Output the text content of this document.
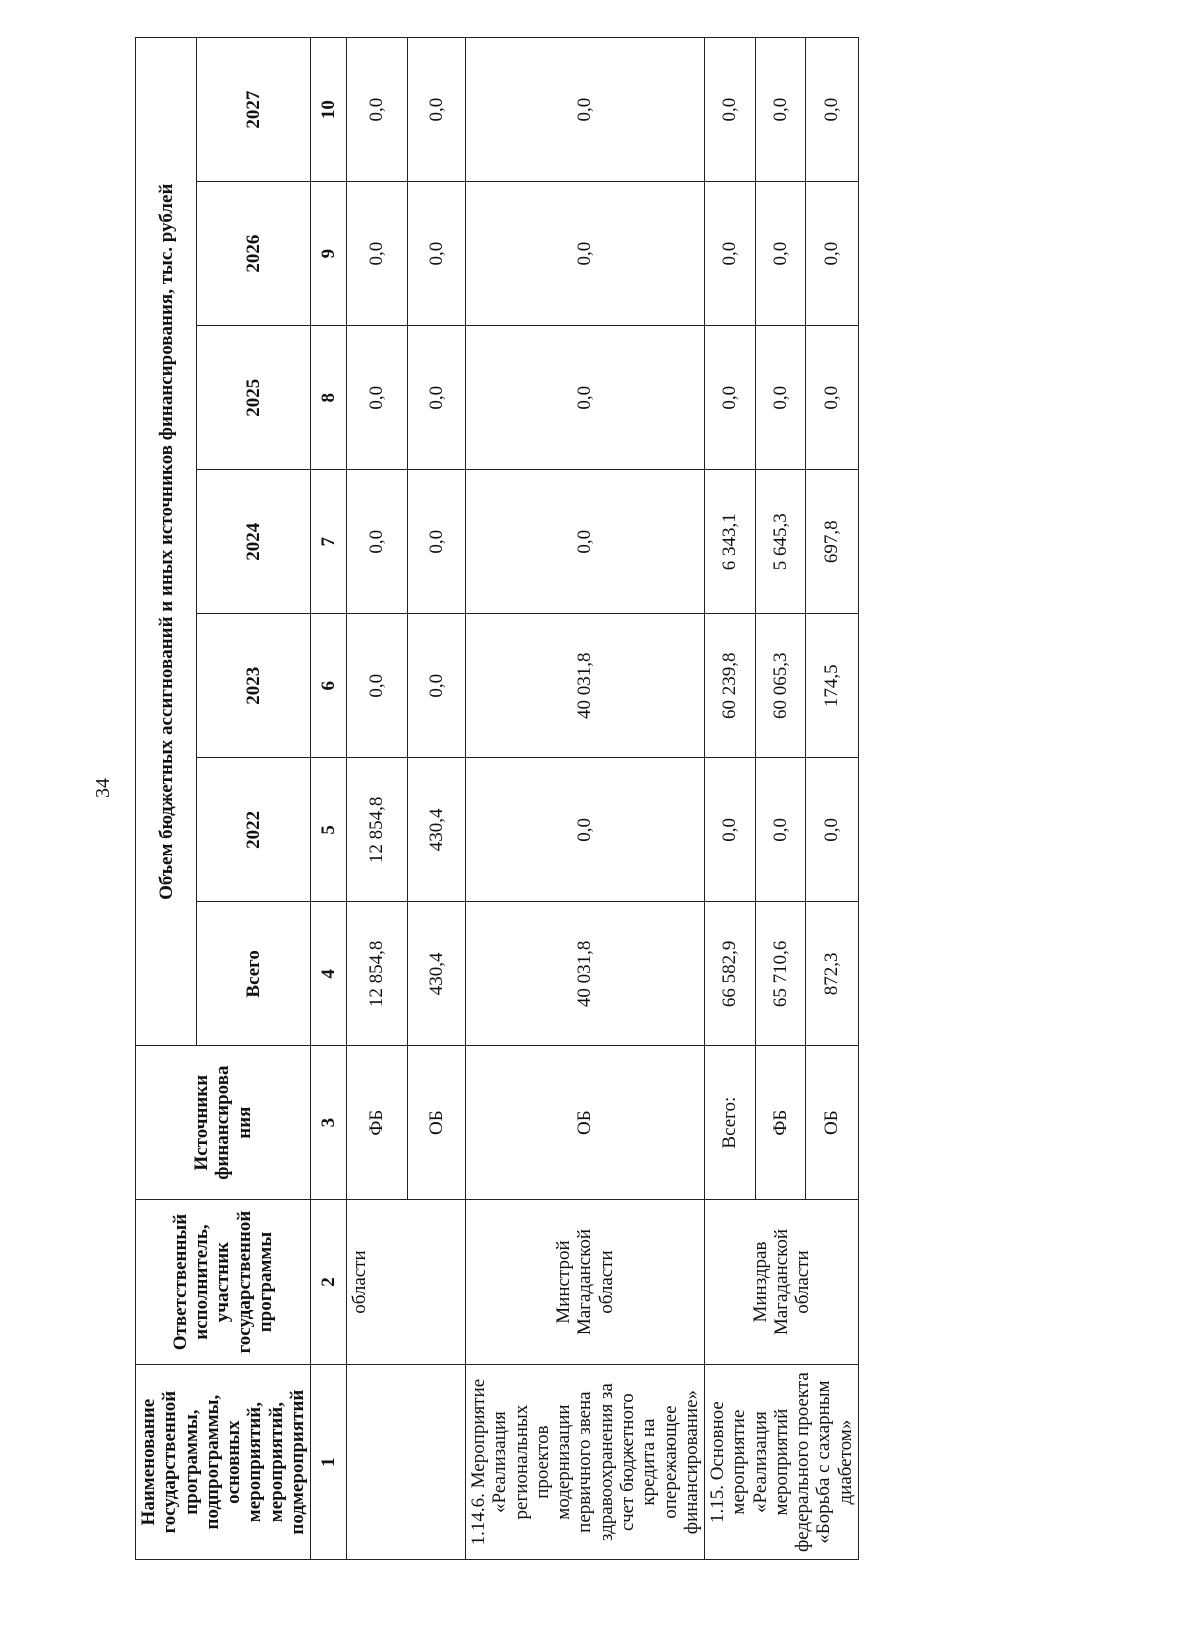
34
Наименование государственной программы, подпрограммы, основных мероприятий, мероприятий, подмероприятий	Ответственный исполнитель, участник государственной программы	Источники финансирова ния	Объем бюджетных ассигнований и иных источников финансирования, тыс. рублей						
			Всего	2022	2023	2024	2025	2026	2027
1	2	3	4	5	6	7	8	9	10
	области	ФБ	12 854,8	12 854,8	0,0	0,0	0,0	0,0	0,0
		ОБ	430,4	430,4	0,0	0,0	0,0	0,0	0,0
1.14.6. Мероприятие «Реализация региональных проектов модернизации первичного звена здравоохранения за счет бюджетного кредита на опережающее финансирование»	Минстрой Магаданской области	ОБ	40 031,8	0,0	40 031,8	0,0	0,0	0,0	0,0
1.15. Основное мероприятие «Реализация мероприятий федерального проекта «Борьба с сахарным диабетом»	Минздрав Магаданской области	Всего:	66 582,9	0,0	60 239,8	6 343,1	0,0	0,0	0,0
		ФБ	65 710,6	0,0	60 065,3	5 645,3	0,0	0,0	0,0
		ОБ	872,3	0,0	174,5	697,8	0,0	0,0	0,0
